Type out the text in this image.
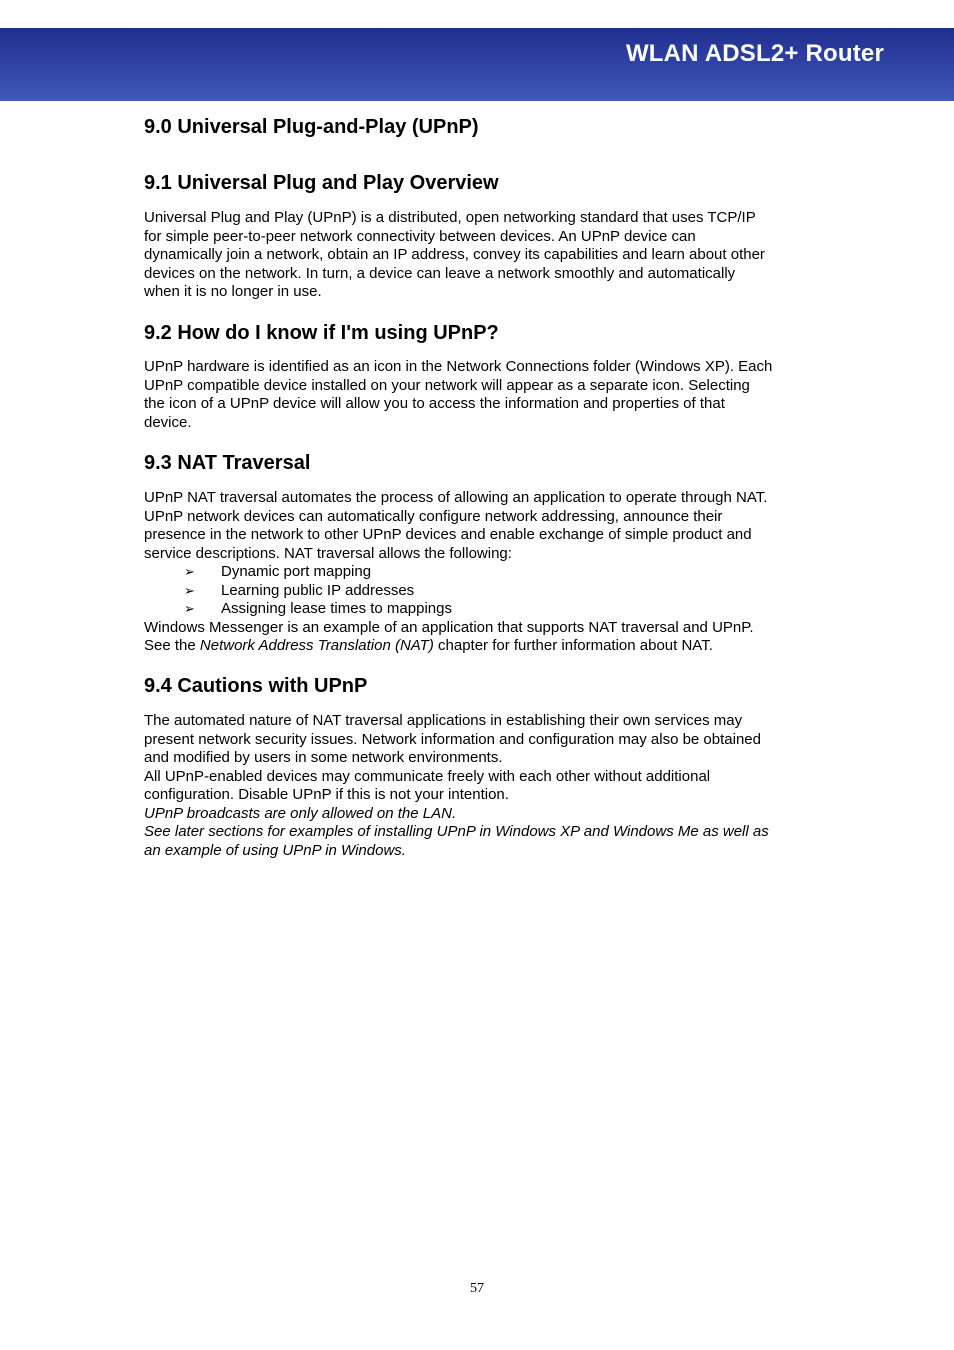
WLAN ADSL2+ Router
9.0 Universal Plug-and-Play (UPnP)
9.1 Universal Plug and Play Overview
Universal Plug and Play (UPnP) is a distributed, open networking standard that uses TCP/IP
for simple peer-to-peer network connectivity between devices. An UPnP device can
dynamically join a network, obtain an IP address, convey its capabilities and learn about other
devices on the network. In turn, a device can leave a network smoothly and automatically
when it is no longer in use.
9.2 How do I know if I'm using UPnP?
UPnP hardware is identified as an icon in the Network Connections folder (Windows XP). Each
UPnP compatible device installed on your network will appear as a separate icon. Selecting
the icon of a UPnP device will allow you to access the information and properties of that
device.
9.3 NAT Traversal
UPnP NAT traversal automates the process of allowing an application to operate through NAT.
UPnP network devices can automatically configure network addressing, announce their
presence in the network to other UPnP devices and enable exchange of simple product and
service descriptions. NAT traversal allows the following:
➢ Dynamic port mapping
➢ Learning public IP addresses
➢ Assigning lease times to mappings
Windows Messenger is an example of an application that supports NAT traversal and UPnP.
See the Network Address Translation (NAT) chapter for further information about NAT.
9.4 Cautions with UPnP
The automated nature of NAT traversal applications in establishing their own services may
present network security issues. Network information and configuration may also be obtained
and modified by users in some network environments.
All UPnP-enabled devices may communicate freely with each other without additional
configuration. Disable UPnP if this is not your intention.
UPnP broadcasts are only allowed on the LAN.
See later sections for examples of installing UPnP in Windows XP and Windows Me as well as
an example of using UPnP in Windows.
57
